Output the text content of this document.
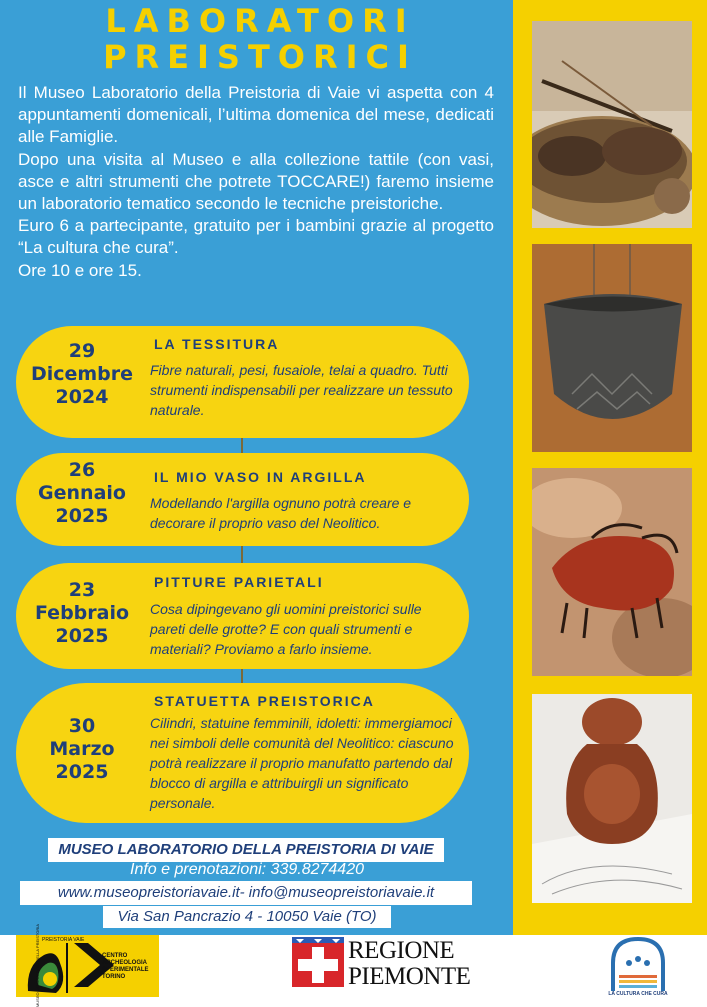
LABORATORI
PREISTORICI

Il Museo Laboratorio della Preistoria di Vaie vi aspetta con 4 appuntamenti domenicali, l’ultima domenica del mese, dedicati alle Famiglie.

Dopo una visita al Museo e alla collezione tattile (con vasi, asce e altri strumenti che potrete TOCCARE!) faremo insieme un laboratorio tematico secondo le tecniche preistoriche.

Euro 6 a partecipante, gratuito per i bambini grazie al progetto “La cultura che cura”.

Ore 10 e ore 15.

29
Dicembre
2024
LA TESSITURA
Fibre naturali, pesi, fusaiole, telai a quadro. Tutti strumenti indispensabili per realizzare un tessuto naturale.
26
Gennaio
2025
IL MIO VASO IN ARGILLA
Modellando l'argilla ognuno potrà creare e decorare il proprio vaso del Neolitico.
23
Febbraio
2025
PITTURE PARIETALI
Cosa dipingevano gli uomini preistorici sulle pareti delle grotte? E con quali strumenti e materiali? Proviamo a farlo insieme.
30
Marzo
2025
STATUETTA PREISTORICA
Cilindri, statuine femminili, idoletti: immergiamoci nei simboli delle comunità del Neolitico: ciascuno potrà realizzare il proprio manufatto partendo dal blocco di argilla e attribuirgli un significato personale.
MUSEO LABORATORIO DELLA PREISTORIA DI VAIE
Info e prenotazioni: 339.8274420
www.museopreistoriavaie.it- info@museopreistoriavaie.it
Via San Pancrazio 4 - 10050 Vaie (TO)
PREISTORIA VAIE
MUSEO LABORATORIO DELLA PREISTORIA	CENTRO
ARCHEOLOGIA
SPERIMENTALE
TORINO
REGIONE
PIEMONTE
LA CULTURA CHE CURA
